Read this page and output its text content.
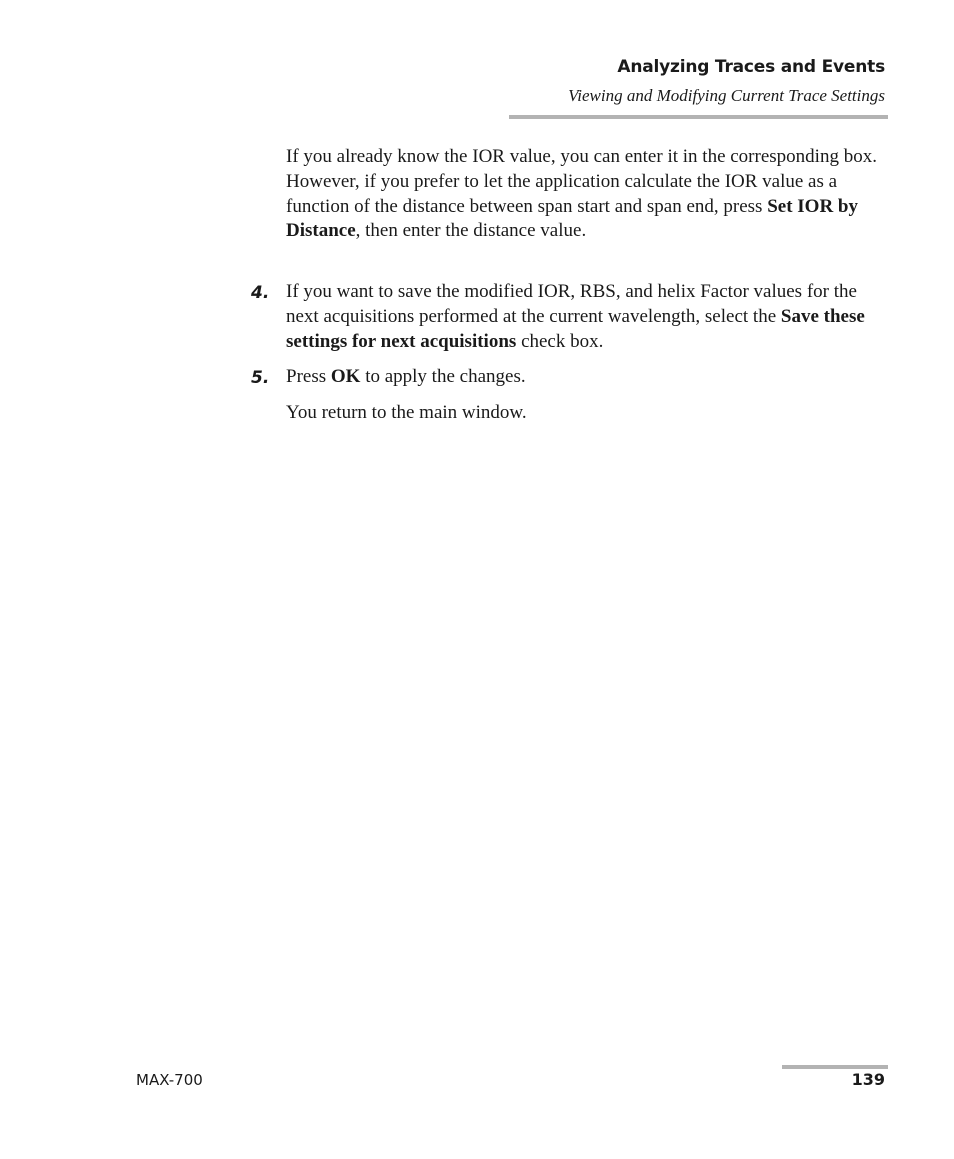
Analyzing Traces and Events
Viewing and Modifying Current Trace Settings

If you already know the IOR value, you can enter it in the corresponding box. However, if you prefer to let the application calculate the IOR value as a function of the distance between span start and span end, press Set IOR by Distance, then enter the distance value.

4. If you want to save the modified IOR, RBS, and helix Factor values for the next acquisitions performed at the current wavelength, select the Save these settings for next acquisitions check box.

5. Press OK to apply the changes.

You return to the main window.

MAX-700	139
